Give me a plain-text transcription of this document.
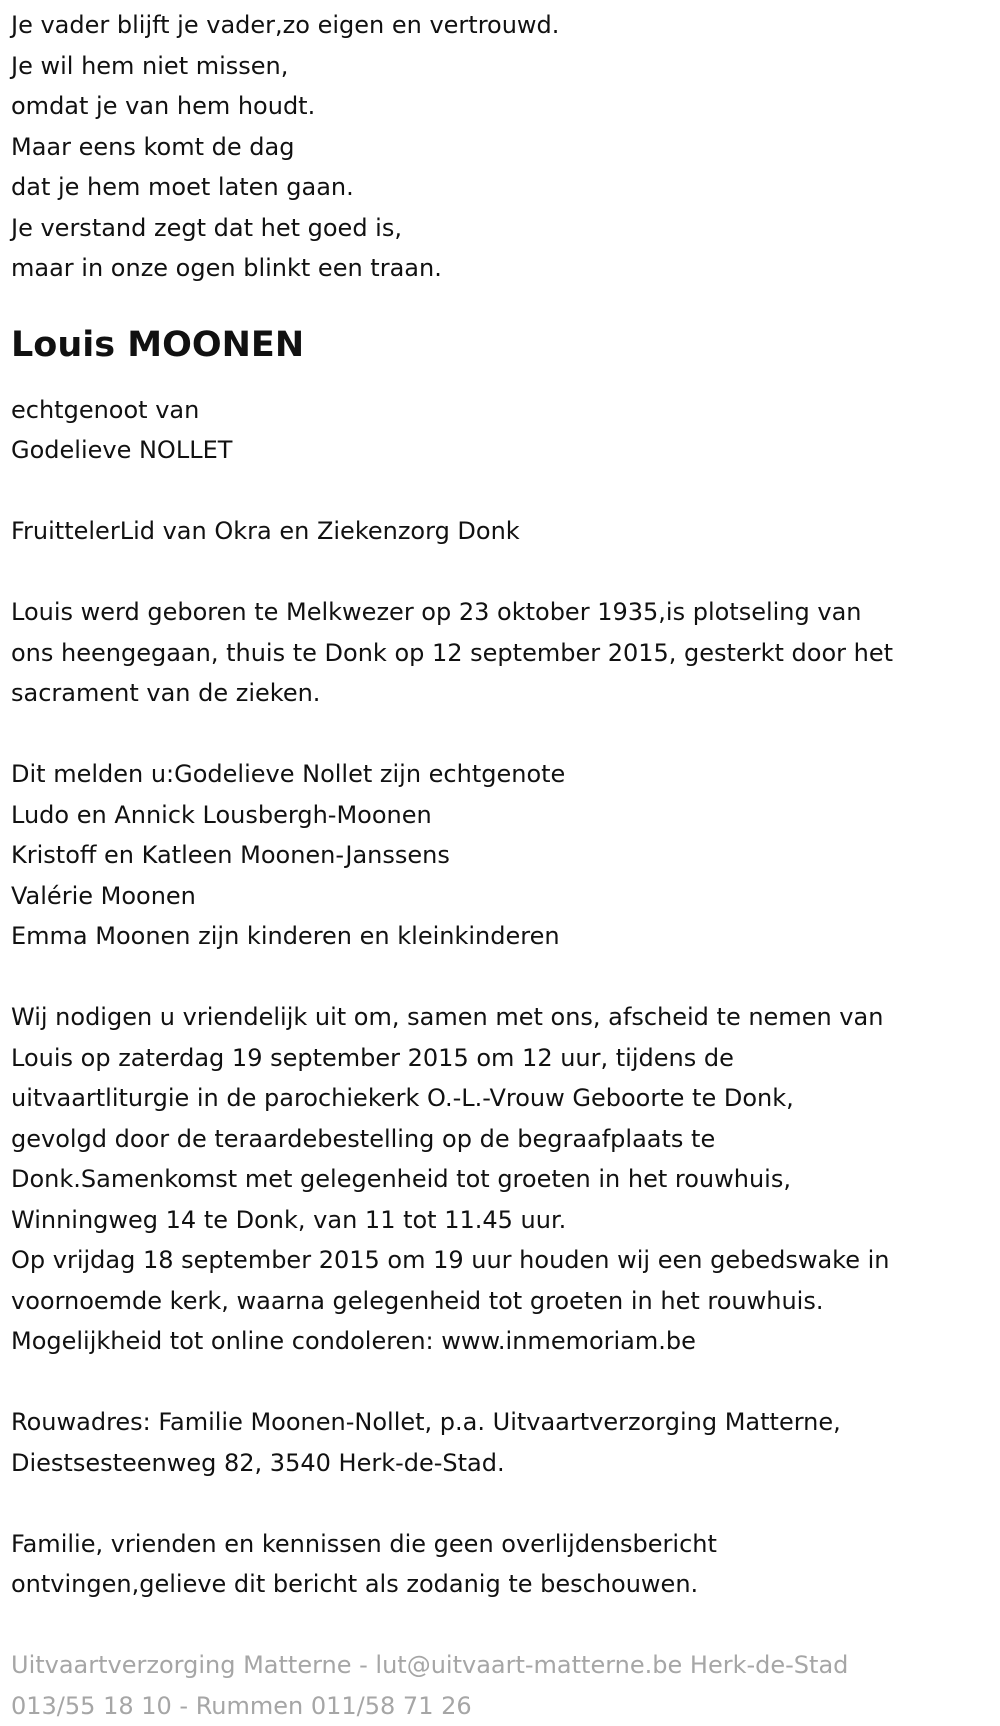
Je vader blijft je vader,zo eigen en vertrouwd.
Je wil hem niet missen,
omdat je van hem houdt.
Maar eens komt de dag
dat je hem moet laten gaan.
Je verstand zegt dat het goed is,
maar in onze ogen blinkt een traan.
Louis MOONEN
echtgenoot van
Godelieve NOLLET
FruittelerLid van Okra en Ziekenzorg Donk
Louis werd geboren te Melkwezer op 23 oktober 1935,is plotseling van
ons heengegaan, thuis te Donk op 12 september 2015, gesterkt door het
sacrament van de zieken.
Dit melden u:Godelieve Nollet zijn echtgenote
Ludo en Annick Lousbergh-Moonen
Kristoff en Katleen Moonen-Janssens
Valérie Moonen
Emma Moonen zijn kinderen en kleinkinderen
Wij nodigen u vriendelijk uit om, samen met ons, afscheid te nemen van
Louis op zaterdag 19 september 2015 om 12 uur, tijdens de
uitvaartliturgie in de parochiekerk O.-L.-Vrouw Geboorte te Donk,
gevolgd door de teraardebestelling op de begraafplaats te
Donk.Samenkomst met gelegenheid tot groeten in het rouwhuis,
Winningweg 14 te Donk, van 11 tot 11.45 uur.
Op vrijdag 18 september 2015 om 19 uur houden wij een gebedswake in
voornoemde kerk, waarna gelegenheid tot groeten in het rouwhuis.
Mogelijkheid tot online condoleren: www.inmemoriam.be
Rouwadres: Familie Moonen-Nollet, p.a. Uitvaartverzorging Matterne,
Diestsesteenweg 82, 3540 Herk-de-Stad.
Familie, vrienden en kennissen die geen overlijdensbericht
ontvingen,gelieve dit bericht als zodanig te beschouwen.
Uitvaartverzorging Matterne - lut@uitvaart-matterne.be Herk-de-Stad
013/55 18 10 - Rummen 011/58 71 26
